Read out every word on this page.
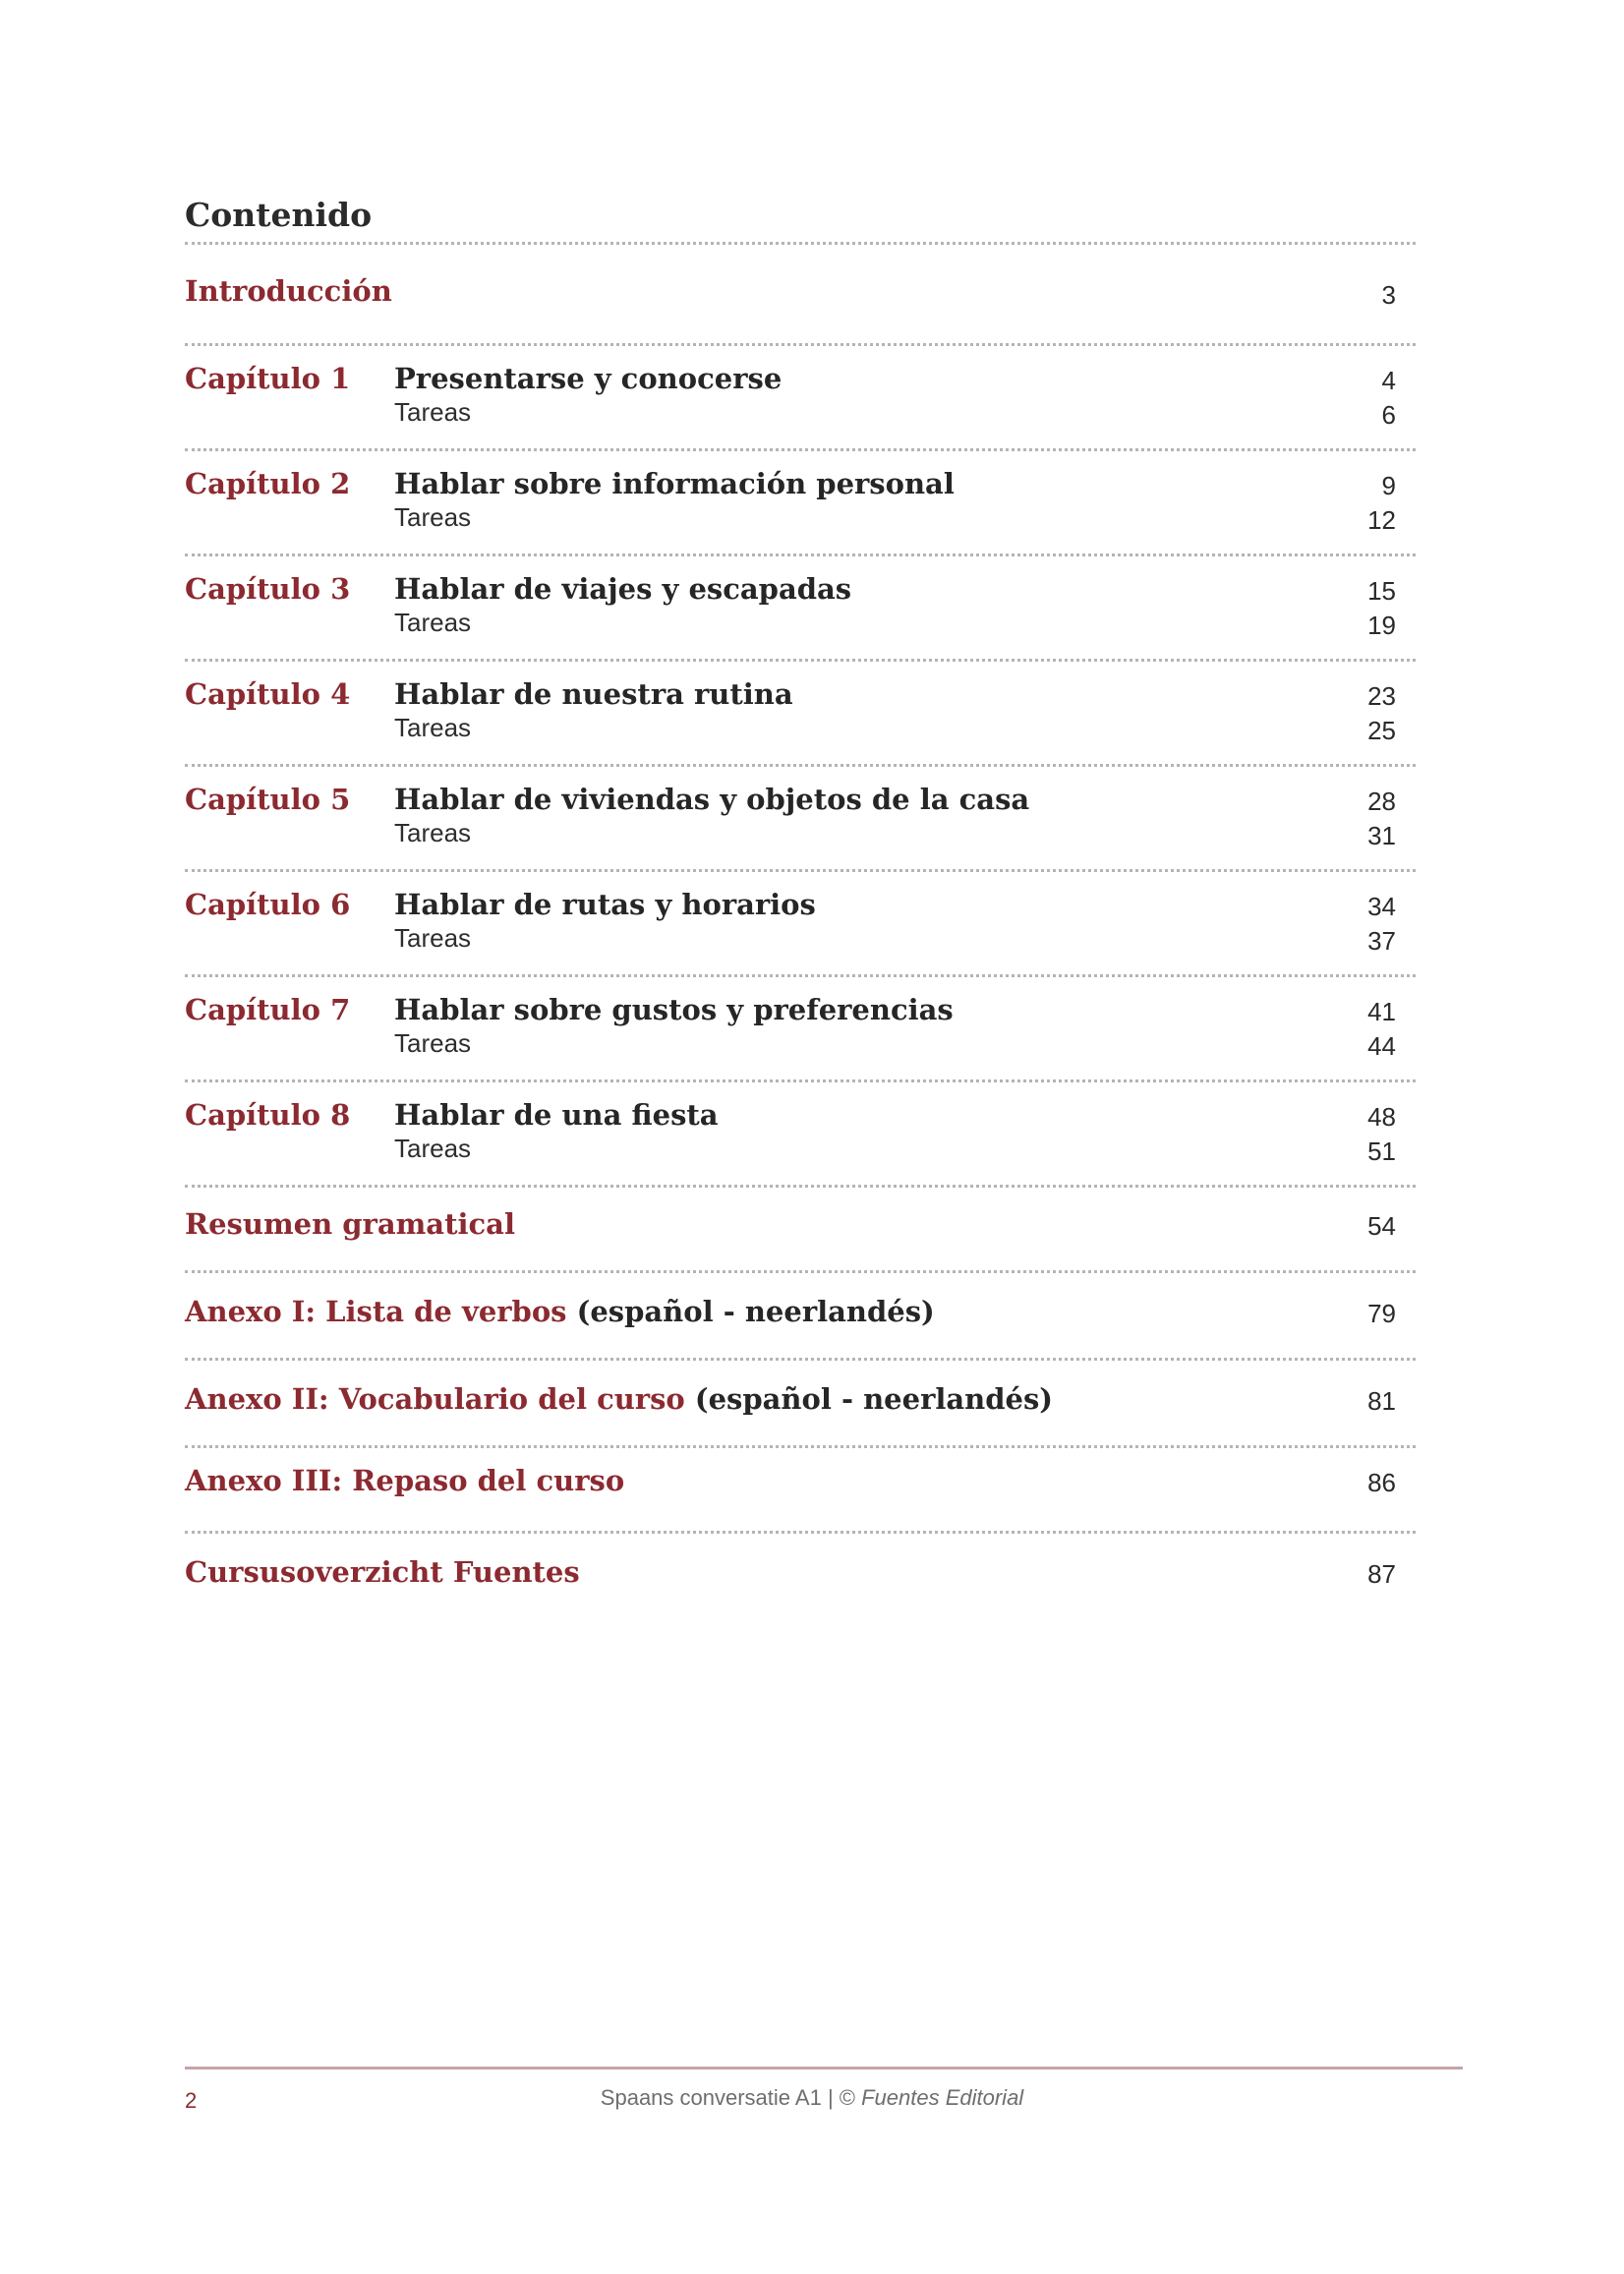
Contenido
Introducción	3
Capítulo 1 Presentarse y conocerse	4
Tareas	6
Capítulo 2 Hablar sobre información personal	9
Tareas	12
Capítulo 3 Hablar de viajes y escapadas	15
Tareas	19
Capítulo 4 Hablar de nuestra rutina	23
Tareas	25
Capítulo 5 Hablar de viviendas y objetos de la casa	28
Tareas	31
Capítulo 6 Hablar de rutas y horarios	34
Tareas	37
Capítulo 7 Hablar sobre gustos y preferencias	41
Tareas	44
Capítulo 8 Hablar de una fiesta	48
Tareas	51
Resumen gramatical	54
Anexo I: Lista de verbos (español - neerlandés)	79
Anexo II: Vocabulario del curso (español - neerlandés)	81
Anexo III: Repaso del curso	86
Cursusoverzicht Fuentes	87
2	Spaans conversatie A1 | © Fuentes Editorial
